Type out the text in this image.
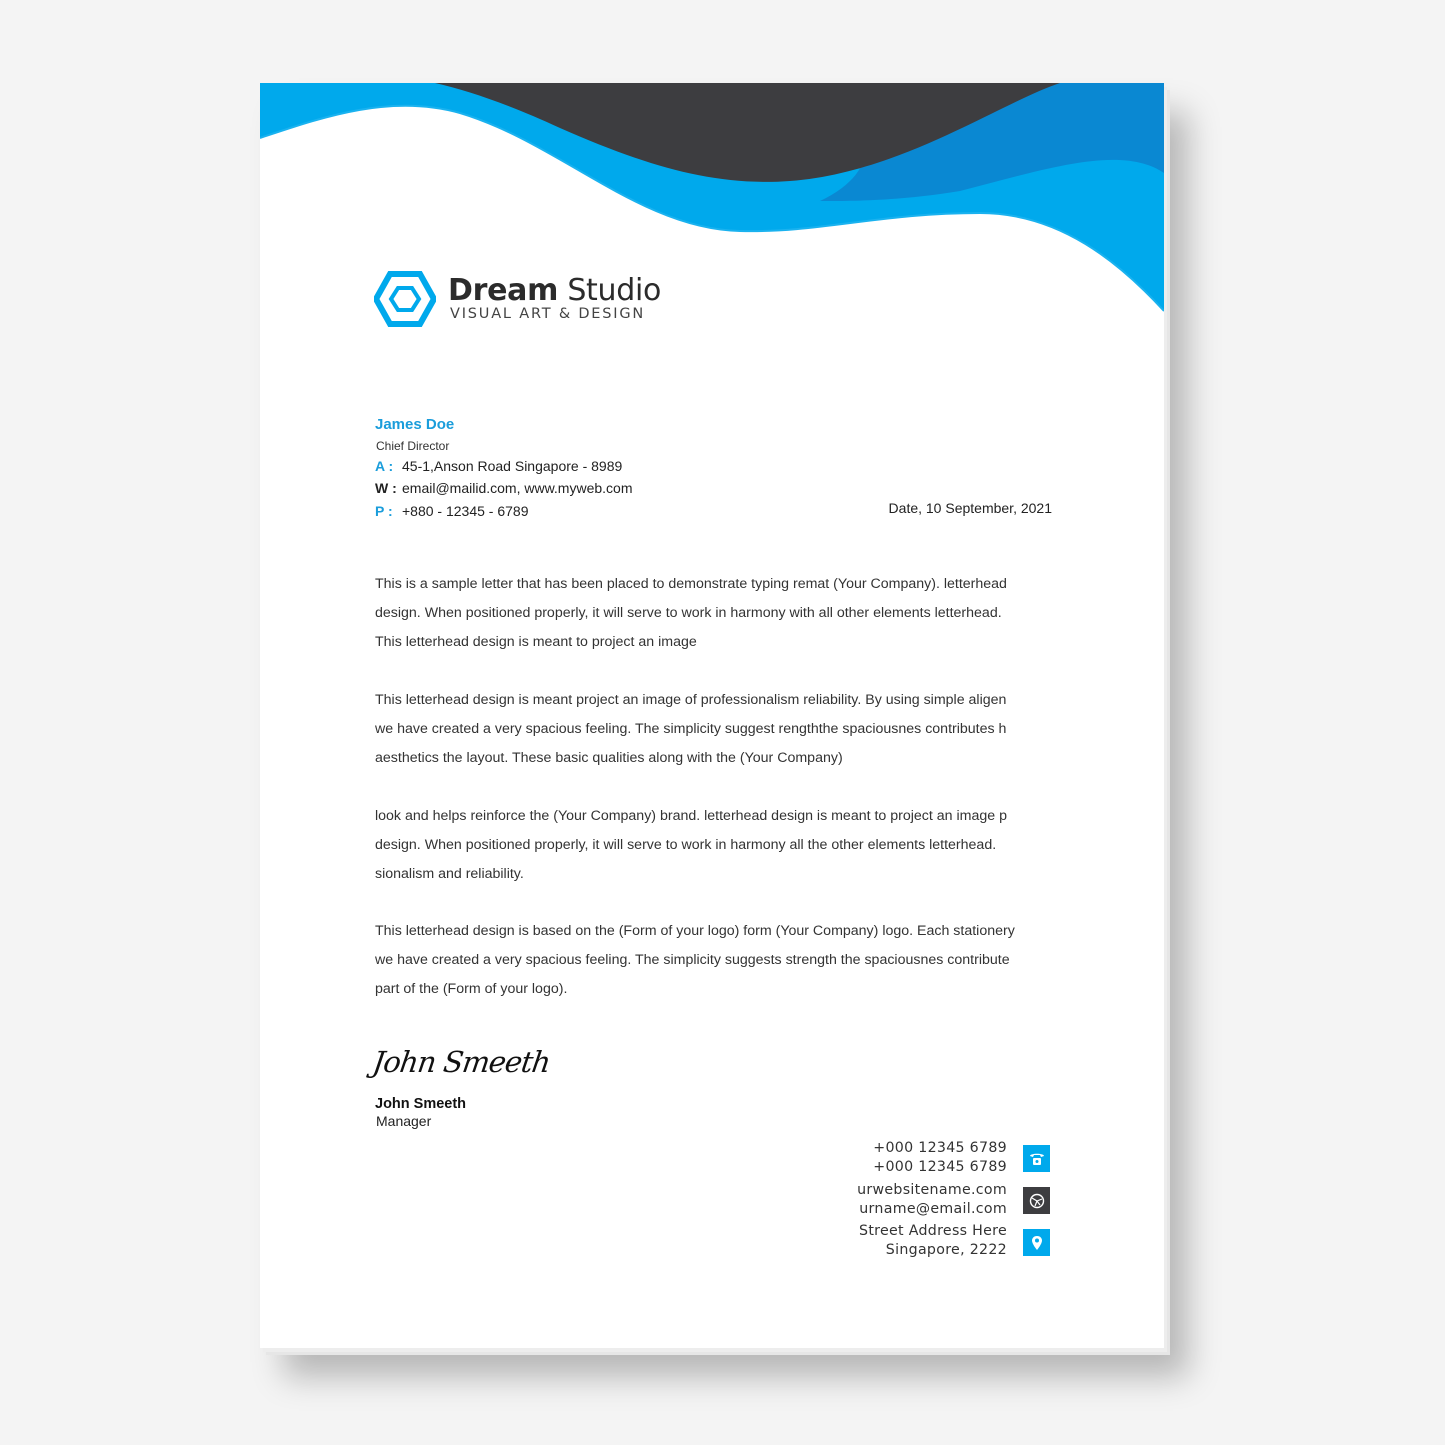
Dream Studio
VISUAL ART & DESIGN
James Doe
Chief Director
A : 45-1,Anson Road Singapore - 8989
W : email@mailid.com, www.myweb.com
P : +880 - 12345 - 6789	Date, 10 September, 2021
This is a sample letter that has been placed to demonstrate typing remat (Your Company). letterhead
design. When positioned properly, it will serve to work in harmony with all other elements letterhead.
This letterhead design is meant to project an image
This letterhead design is meant project an image of professionalism reliability. By using simple aligen
we have created a very spacious feeling. The simplicity suggest rengththe spaciousnes contributes h
aesthetics the layout. These basic qualities along with the (Your Company)
look and helps reinforce the (Your Company) brand. letterhead design is meant to project an image p
design. When positioned properly, it will serve to work in harmony all the other elements letterhead.
sionalism and reliability.
This letterhead design is based on the (Form of your logo) form (Your Company) logo. Each stationery
we have created a very spacious feeling. The simplicity suggests strength the spaciousnes contribute
part of the (Form of your logo).
John Smeeth
John Smeeth
Manager
+000 12345 6789
+000 12345 6789
urwebsitename.com
urname@email.com
Street Address Here
Singapore, 2222
